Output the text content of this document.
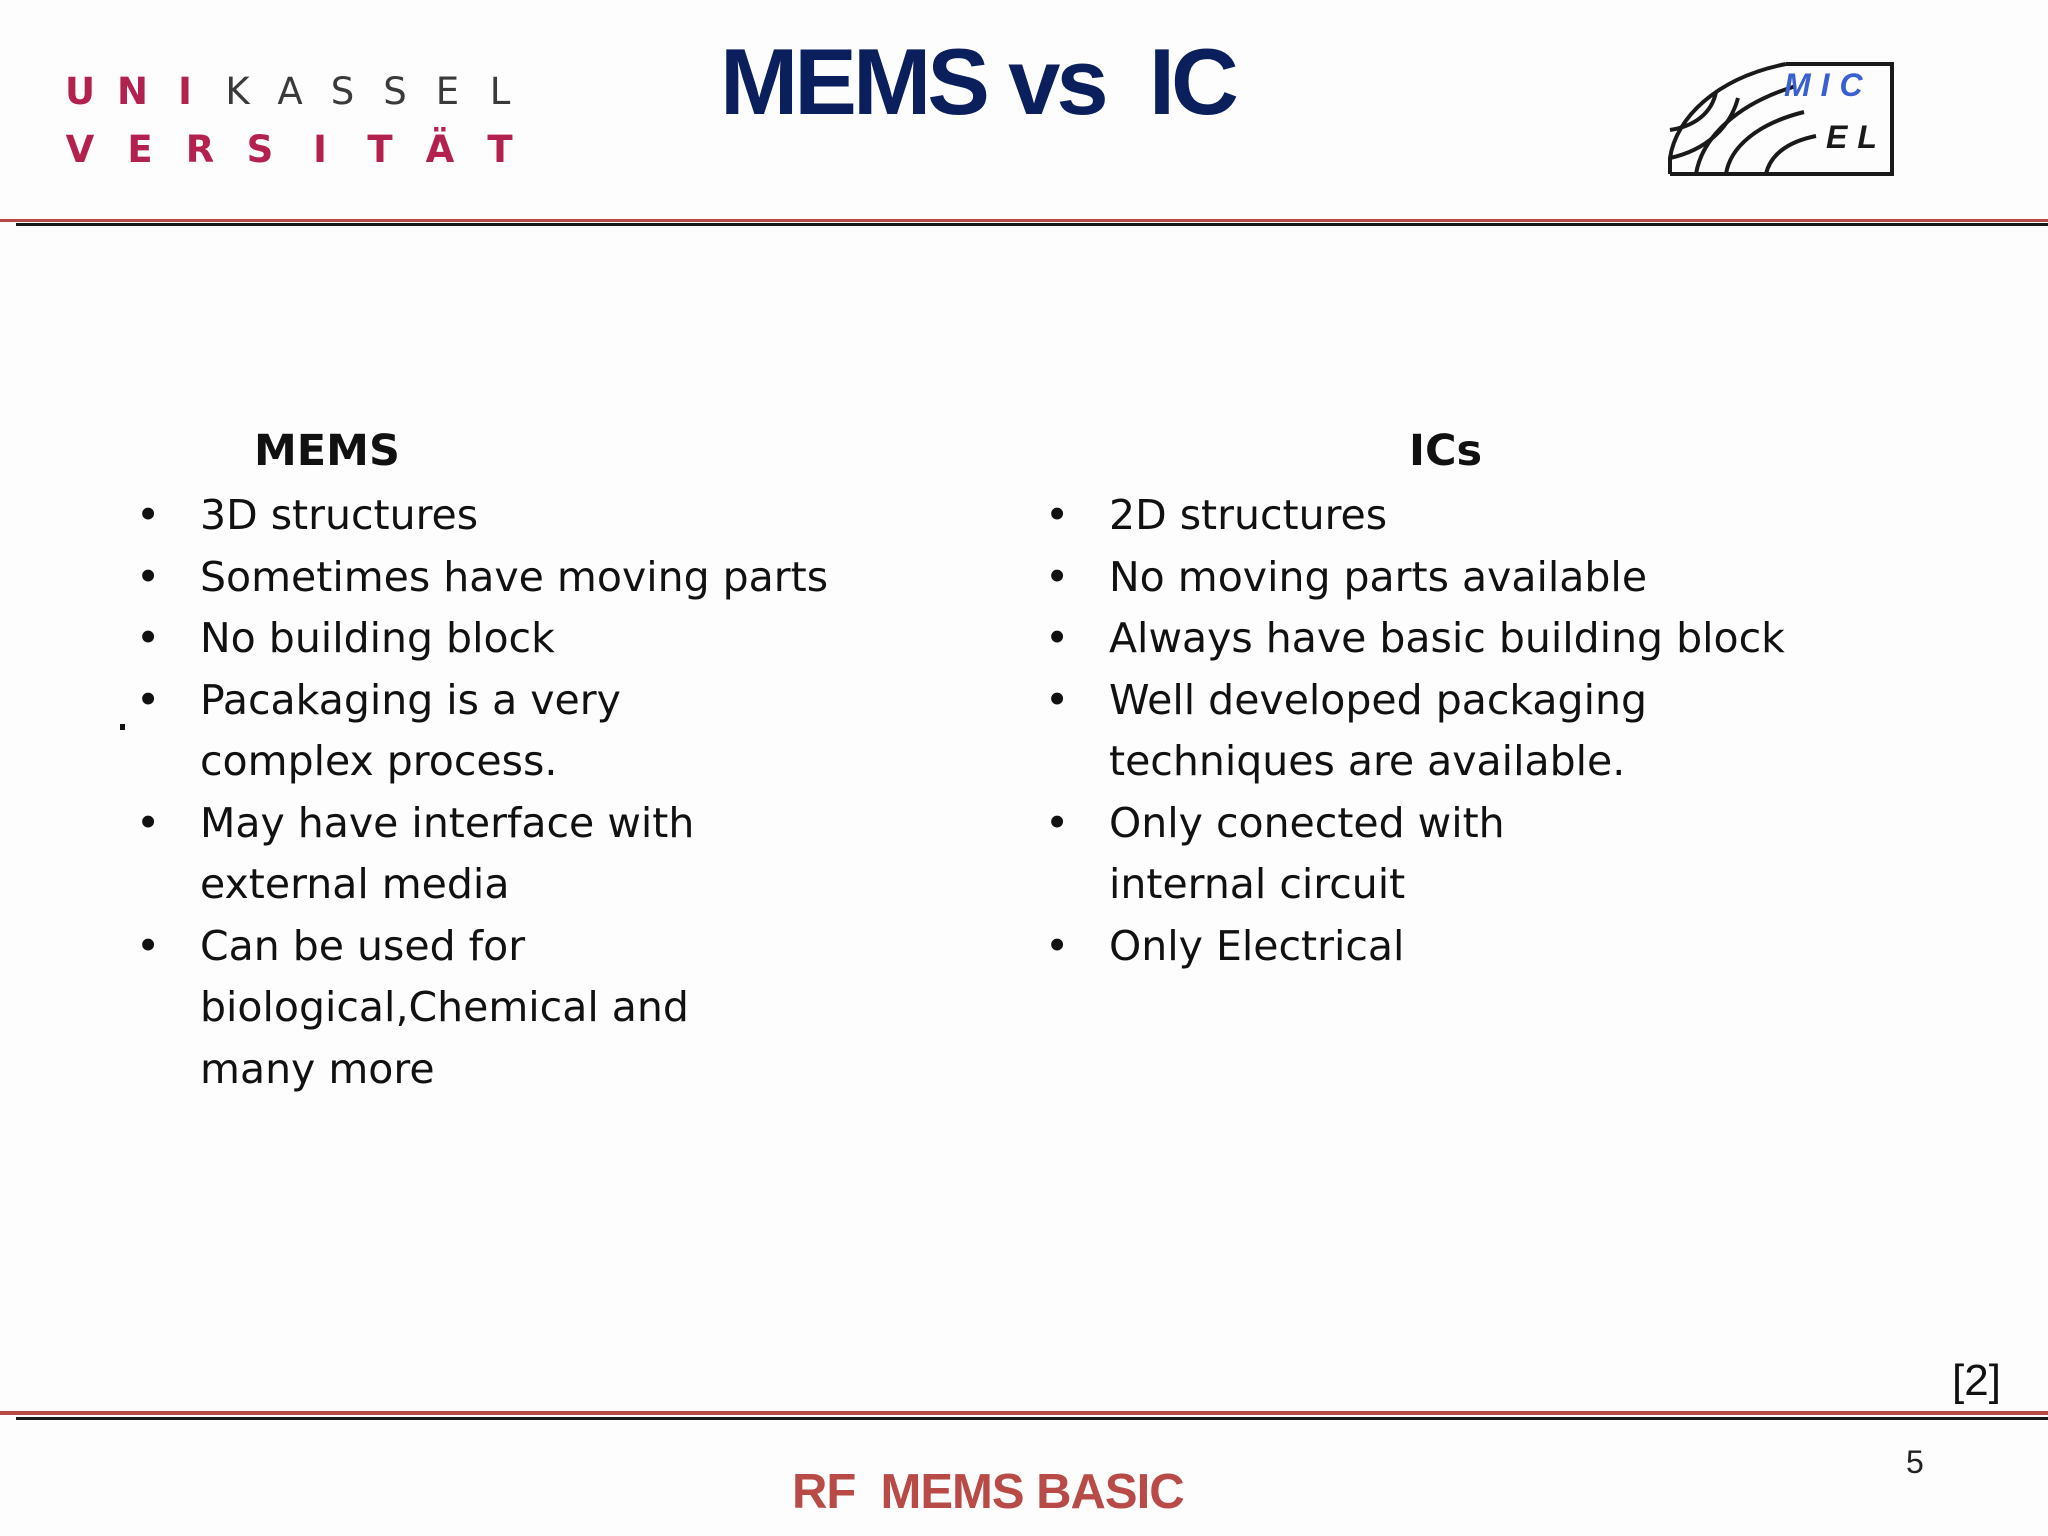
U N I K A S S E L
V E R S	I	T Ä T
MEMS vs  IC	MIC
EL
MEMS
• 3D structures
• Sometimes have moving parts
• No building block
• Pacakaging is a very complex process.
• May have interface with external media
• Can be used for biological,Chemical and many more
ICs
• 2D structures
• No moving parts available
• Always have basic building block
• Well developed packaging techniques are available.
• Only conected with internal circuit
• Only Electrical
[2]
5
RF  MEMS BASIC
